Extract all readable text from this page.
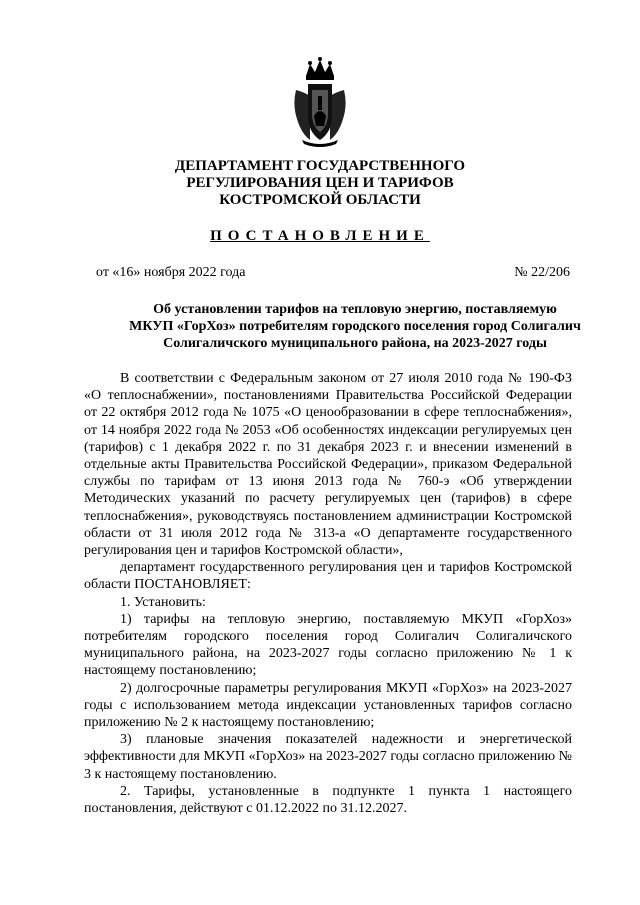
ДЕПАРТАМЕНТ ГОСУДАРСТВЕННОГО
РЕГУЛИРОВАНИЯ ЦЕН И ТАРИФОВ
КОСТРОМСКОЙ ОБЛАСТИ
ПОСТАНОВЛЕНИЕ
от «16» ноября 2022 года	№ 22/206
Об установлении тарифов на тепловую энергию, поставляемую
МКУП «ГорХоз» потребителям городского поселения город Солигалич
Солигаличского муниципального района, на 2023-2027 годы

В соответствии с Федеральным законом от 27 июля 2010 года № 190-ФЗ «О теплоснабжении», постановлениями Правительства Российской Федерации от 22 октября 2012 года № 1075 «О ценообразовании в сфере теплоснабжения», от 14 ноября 2022 года № 2053 «Об особенностях индексации регулируемых цен (тарифов) с 1 декабря 2022 г. по 31 декабря 2023 г. и внесении изменений в отдельные акты Правительства Российской Федерации», приказом Федеральной службы по тарифам от 13 июня 2013 года № 760-э «Об утверждении Методических указаний по расчету регулируемых цен (тарифов) в сфере теплоснабжения», руководствуясь постановлением администрации Костромской области от 31 июля 2012 года № 313-а «О департаменте государственного регулирования цен и тарифов Костромской области»,

департамент государственного регулирования цен и тарифов Костромской области ПОСТАНОВЛЯЕТ:

1. Установить:

1) тарифы на тепловую энергию, поставляемую МКУП «ГорХоз» потребителям городского поселения город Солигалич Солигаличского муниципального района, на 2023-2027 годы согласно приложению № 1 к настоящему постановлению;

2) долгосрочные параметры регулирования МКУП «ГорХоз» на 2023-2027 годы с использованием метода индексации установленных тарифов согласно приложению № 2 к настоящему постановлению;

3) плановые значения показателей надежности и энергетической эффективности для МКУП «ГорХоз» на 2023-2027 годы согласно приложению № 3 к настоящему постановлению.

2. Тарифы, установленные в подпункте 1 пункта 1 настоящего постановления, действуют с 01.12.2022 по 31.12.2027.
